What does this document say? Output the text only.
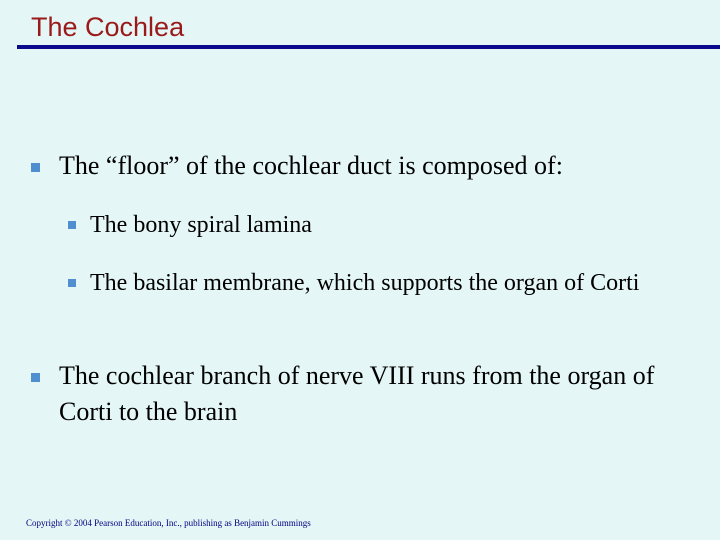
The Cochlea
The “floor” of the cochlear duct is composed of:
The bony spiral lamina
The basilar membrane, which supports the organ of Corti
The cochlear branch of nerve VIII runs from the organ of Corti to the brain
Copyright © 2004 Pearson Education, Inc., publishing as Benjamin Cummings
